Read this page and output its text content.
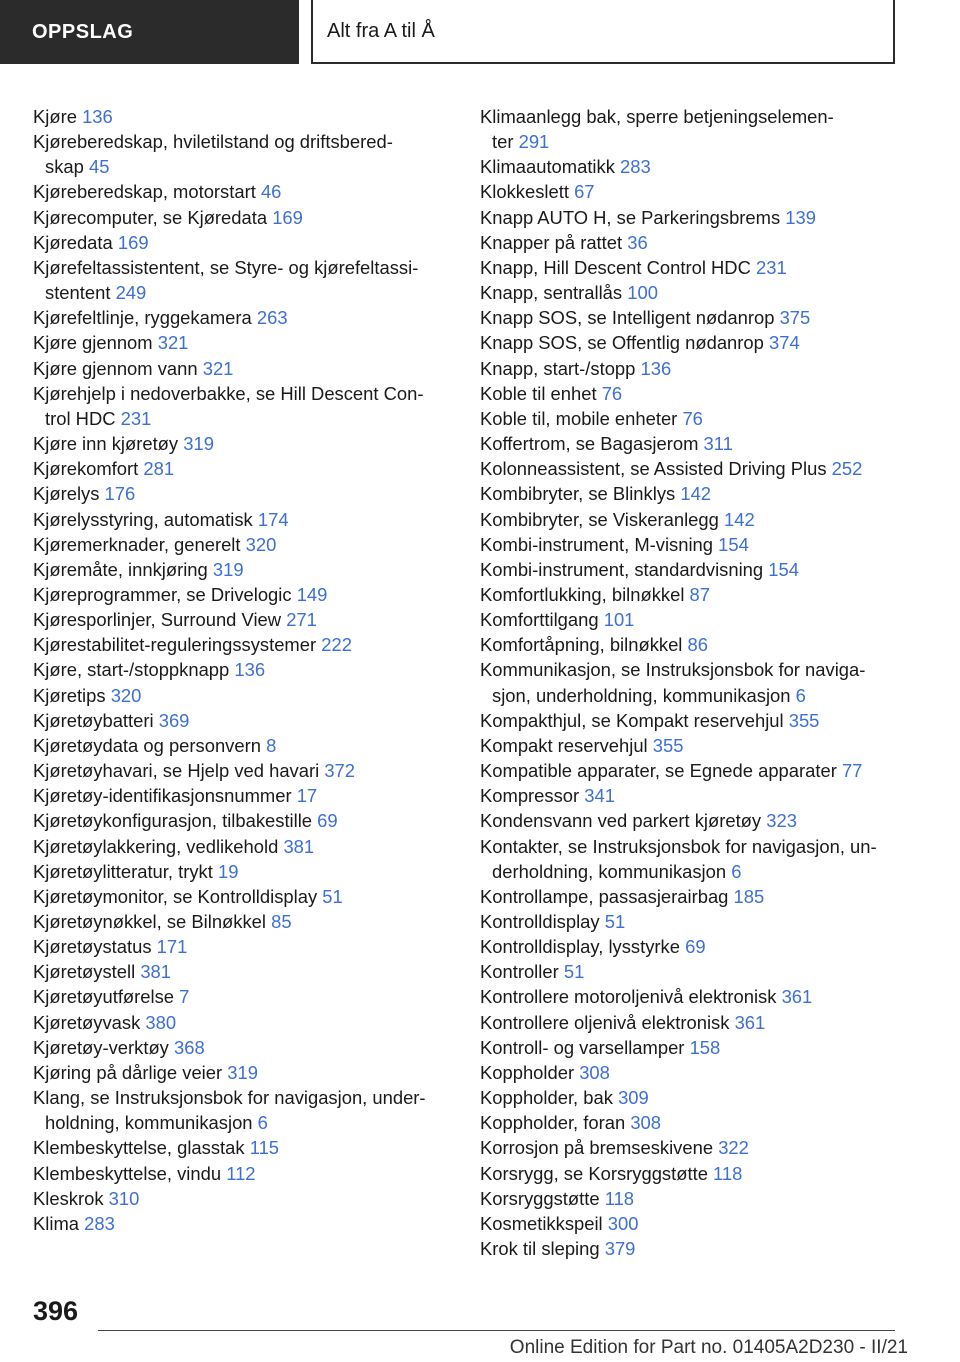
OPPSLAG	Alt fra A til Å
Kjøre 136
Kjørеberedskap, hviletilstand og driftsbered-
skap 45
Kjøreberedskap, motorstart 46
Kjørecomputer, se Kjøredata 169
Kjøredata 169
Kjørefeltassistentent, se Styre- og kjørefeltassi-
stentent 249
Kjørefeltlinje, ryggekamera 263
Kjøre gjennom 321
Kjøre gjennom vann 321
Kjørehjelp i nedoverbakke, se Hill Descent Con-
trol HDC 231
Kjøre inn kjøretøy 319
Kjørekomfort 281
Kjørelys 176
Kjørelysstyring, automatisk 174
Kjøremerknader, generelt 320
Kjøremåte, innkjøring 319
Kjøreprogrammer, se Drivelogic 149
Kjøresporlinjer, Surround View 271
Kjørestabilitet-reguleringssystemer 222
Kjøre, start-/stoppknapp 136
Kjøretips 320
Kjøretøybatteri 369
Kjøretøydata og personvern 8
Kjøretøyhavari, se Hjelp ved havari 372
Kjøretøy-identifikasjonsnummer 17
Kjøretøykonfigurasjon, tilbakestille 69
Kjøretøylakkering, vedlikehold 381
Kjøretøylitteratur, trykt 19
Kjøretøymonitor, se Kontrolldisplay 51
Kjøretøynøkkel, se Bilnøkkel 85
Kjøretøystatus 171
Kjøretøystell 381
Kjøretøyutførelse 7
Kjøretøyvask 380
Kjøretøy-verktøy 368
Kjøring på dårlige veier 319
Klang, se Instruksjonsbok for navigasjon, under-
holdning, kommunikasjon 6
Klembeskyttelse, glasstak 115
Klembeskyttelse, vindu 112
Kleskrok 310
Klima 283
Klimaanlegg bak, sperre betjeningselemen-
ter 291
Klimaautomatikk 283
Klokkeslett 67
Knapp AUTO H, se Parkeringsbrems 139
Knapper på rattet 36
Knapp, Hill Descent Control HDC 231
Knapp, sentrallås 100
Knapp SOS, se Intelligent nødanrop 375
Knapp SOS, se Offentlig nødanrop 374
Knapp, start-/stopp 136
Koble til enhet 76
Koble til, mobile enheter 76
Koffertrom, se Bagasjerom 311
Kolonneassistent, se Assisted Driving Plus 252
Kombibryter, se Blinklys 142
Kombibryter, se Viskeranlegg 142
Kombi-instrument, M-visning 154
Kombi-instrument, standardvisning 154
Komfortlukking, bilnøkkel 87
Komforttilgang 101
Komfortåpning, bilnøkkel 86
Kommunikasjon, se Instruksjonsbok for naviga-
sjon, underholdning, kommunikasjon 6
Kompakthjul, se Kompakt reservehjul 355
Kompakt reservehjul 355
Kompatible apparater, se Egnede apparater 77
Kompressor 341
Kondensvann ved parkert kjøretøy 323
Kontakter, se Instruksjonsbok for navigasjon, un-
derholdning, kommunikasjon 6
Kontrollampe, passasjerairbag 185
Kontrolldisplay 51
Kontrolldisplay, lysstyrke 69
Kontroller 51
Kontrollere motoroljenivå elektronisk 361
Kontrollere oljenivå elektronisk 361
Kontroll- og varsellamper 158
Koppholder 308
Koppholder, bak 309
Koppholder, foran 308
Korrosjon på bremseskivene 322
Korsrygg, se Korsryggstøtte 118
Korsryggstøtte 118
Kosmetikkspeil 300
Krok til sleping 379
396
Online Edition for Part no. 01405A2D230 - II/21
